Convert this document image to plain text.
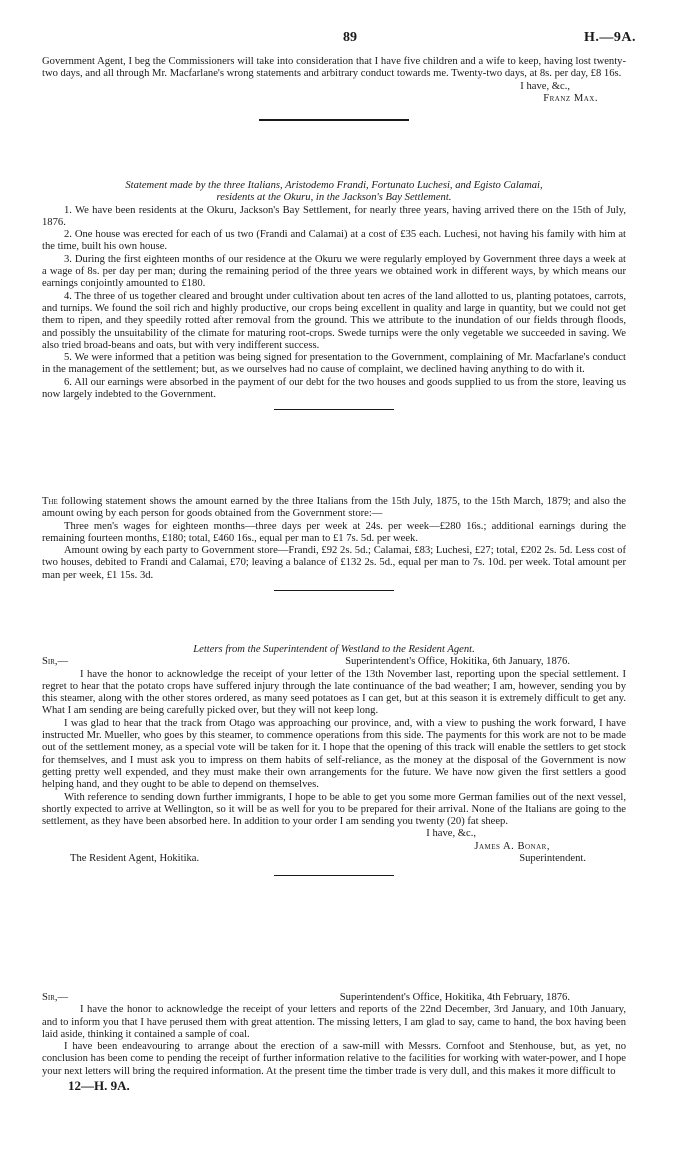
89	H.—9A.

Government Agent, I beg the Commissioners will take into consideration that I have five children and a wife to keep, having lost twenty-two days, and all through Mr. Macfarlane's wrong statements and arbitrary conduct towards me. Twenty-two days, at 8s. per day, £8 16s.

I have, &c.,

Franz Max.

Statement made by the three Italians, Aristodemo Frandi, Fortunato Luchesi, and Egisto Calamai,

residents at the Okuru, in the Jackson's Bay Settlement.

1. We have been residents at the Okuru, Jackson's Bay Settlement, for nearly three years, having arrived there on the 15th of July, 1876.

2. One house was erected for each of us two (Frandi and Calamai) at a cost of £35 each. Luchesi, not having his family with him at the time, built his own house.

3. During the first eighteen months of our residence at the Okuru we were regularly employed by Government three days a week at a wage of 8s. per day per man; during the remaining period of the three years we obtained work in different ways, by which means our earnings conjointly amounted to £180.

4. The three of us together cleared and brought under cultivation about ten acres of the land allotted to us, planting potatoes, carrots, and turnips. We found the soil rich and highly productive, our crops being excellent in quality and large in quantity, but we could not get them to ripen, and they speedily rotted after removal from the ground. This we attribute to the inundation of our fields through floods, and possibly the unsuitability of the climate for maturing root-crops. Swede turnips were the only vegetable we succeeded in saving. We also tried broad-beans and oats, but with very indifferent success.

5. We were informed that a petition was being signed for presentation to the Government, complaining of Mr. Macfarlane's conduct in the management of the settlement; but, as we ourselves had no cause of complaint, we declined having anything to do with it.

6. All our earnings were absorbed in the payment of our debt for the two houses and goods supplied to us from the store, leaving us now largely indebted to the Government.

The following statement shows the amount earned by the three Italians from the 15th July, 1875, to the 15th March, 1879; and also the amount owing by each person for goods obtained from the Government store:—

Three men's wages for eighteen months—three days per week at 24s. per week—£280 16s.; additional earnings during the remaining fourteen months, £180; total, £460 16s., equal per man to £1 7s. 5d. per week.

Amount owing by each party to Government store—Frandi, £92 2s. 5d.; Calamai, £83; Luchesi, £27; total, £202 2s. 5d. Less cost of two houses, debited to Frandi and Calamai, £70; leaving a balance of £132 2s. 5d., equal per man to 7s. 10d. per week. Total amount per man per week, £1 15s. 3d.

Letters from the Superintendent of Westland to the Resident Agent.

Sir,—	Superintendent's Office, Hokitika, 6th January, 1876.

I have the honor to acknowledge the receipt of your letter of the 13th November last, reporting upon the special settlement. I regret to hear that the potato crops have suffered injury through the late continuance of the bad weather; I am, however, sending you by this steamer, along with the other stores ordered, as many seed potatoes as I can get, but at this season it is extremely difficult to get any. What I am sending are being carefully picked over, but they will not keep long.

I was glad to hear that the track from Otago was approaching our province, and, with a view to pushing the work forward, I have instructed Mr. Mueller, who goes by this steamer, to commence operations from this side. The payments for this work are not to be made out of the settlement money, as a special vote will be taken for it. I hope that the opening of this track will enable the settlers to get stock for themselves, and I must ask you to impress on them habits of self-reliance, as the money at the disposal of the Government is now getting pretty well expended, and they must make their own arrangements for the future. We have now given the first settlers a good helping hand, and they ought to be able to depend on themselves.

With reference to sending down further immigrants, I hope to be able to get you some more German families out of the next vessel, shortly expected to arrive at Wellington, so it will be as well for you to be prepared for their arrival. None of the Italians are going to the settlement, as they have been absorbed here. In addition to your order I am sending you twenty (20) fat sheep.

I have, &c.,

James A. Bonar,

The Resident Agent, Hokitika.	Superintendent.
Sir,—	Superintendent's Office, Hokitika, 4th February, 1876.

I have the honor to acknowledge the receipt of your letters and reports of the 22nd December, 3rd January, and 10th January, and to inform you that I have perused them with great attention. The missing letters, I am glad to say, came to hand, the box having been laid aside, thinking it contained a sample of coal.

I have been endeavouring to arrange about the erection of a saw-mill with Messrs. Cornfoot and Stenhouse, but, as yet, no conclusion has been come to pending the receipt of further information relative to the facilities for working with water-power, and I hope your next letters will bring the required information. At the present time the timber trade is very dull, and this makes it more difficult to

12—H. 9A.
